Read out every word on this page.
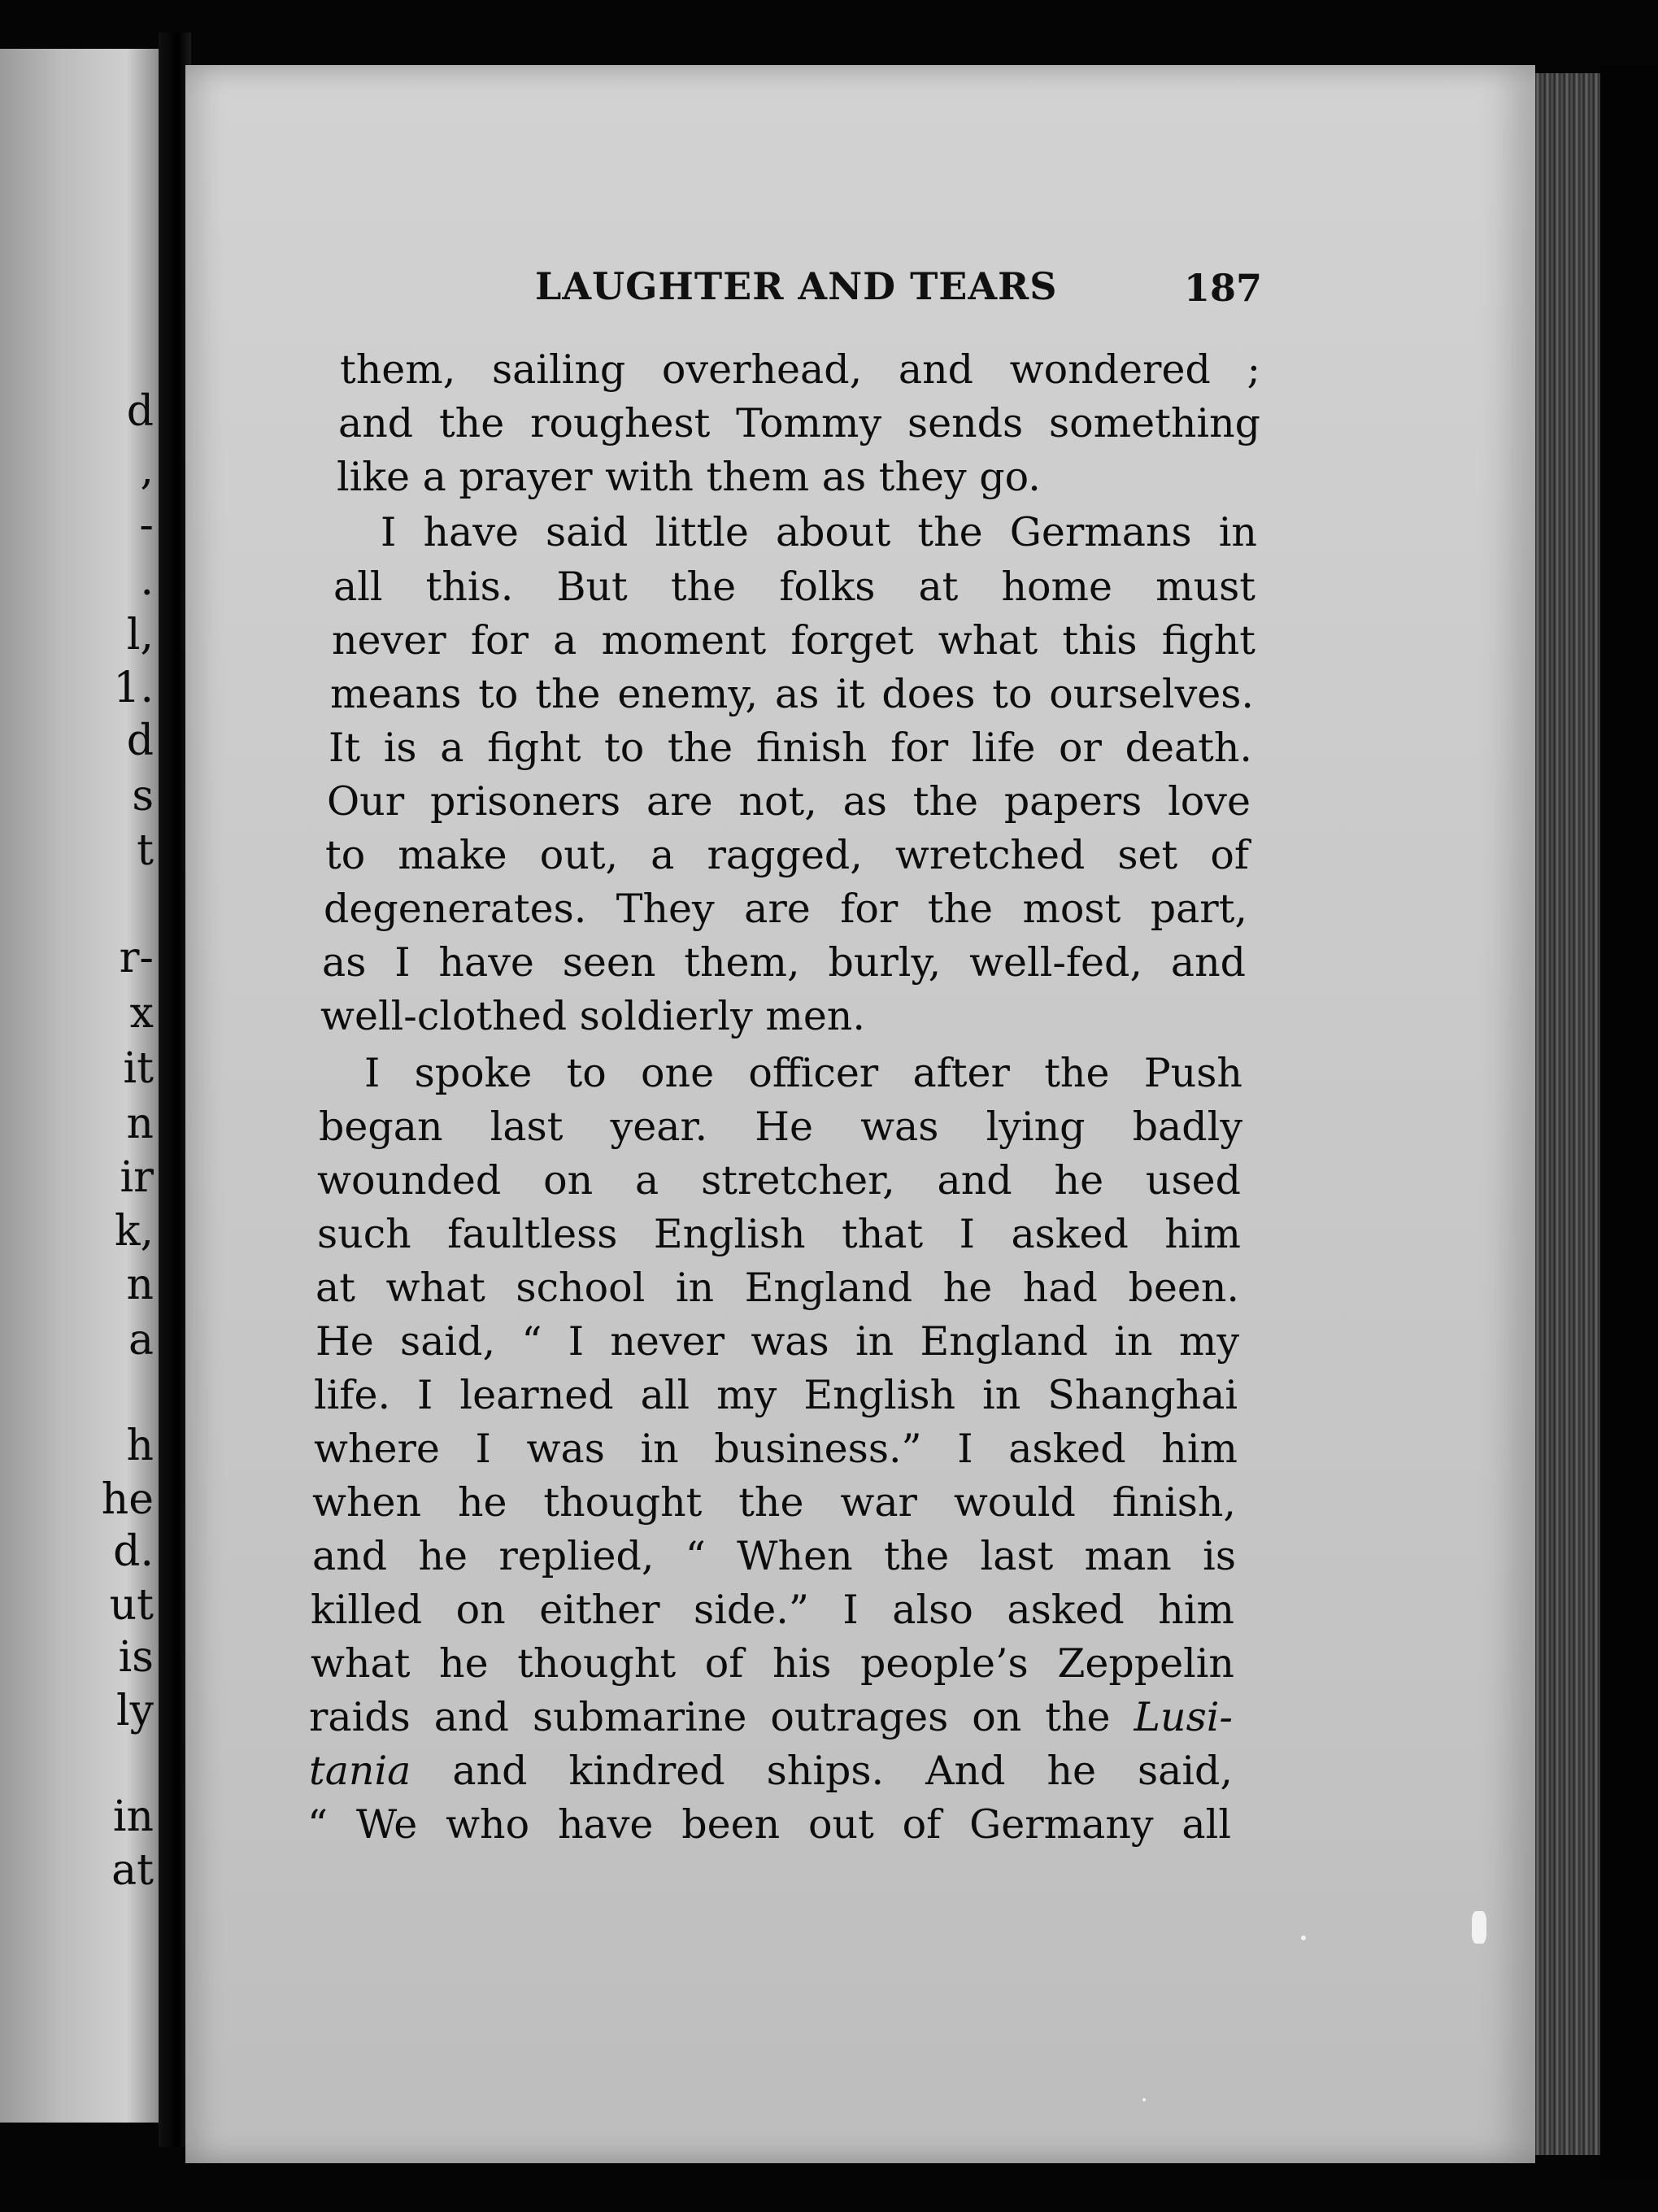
d
,
-
.
l,
1.
d
s
t
r-
x
it
n
ir
k,
n
a
h
he
d.
ut
is
ly
in
at
LAUGHTER AND TEARS	187
them, sailing overhead, and wondered ;
and the roughest Tommy sends something
like a prayer with them as they go.
I have said little about the Germans in
all this. But the folks at home must
never for a moment forget what this fight
means to the enemy, as it does to ourselves.
It is a fight to the finish for life or death.
Our prisoners are not, as the papers love
to make out, a ragged, wretched set of
degenerates. They are for the most part,
as I have seen them, burly, well-fed, and
well-clothed soldierly men.
I spoke to one officer after the Push
began last year. He was lying badly
wounded on a stretcher, and he used
such faultless English that I asked him
at what school in England he had been.
He said, “ I never was in England in my
life. I learned all my English in Shanghai
where I was in business.” I asked him
when he thought the war would finish,
and he replied, “ When the last man is
killed on either side.” I also asked him
what he thought of his people’s Zeppelin
raids and submarine outrages on the Lusi-
tania and kindred ships. And he said,
“ We who have been out of Germany all
